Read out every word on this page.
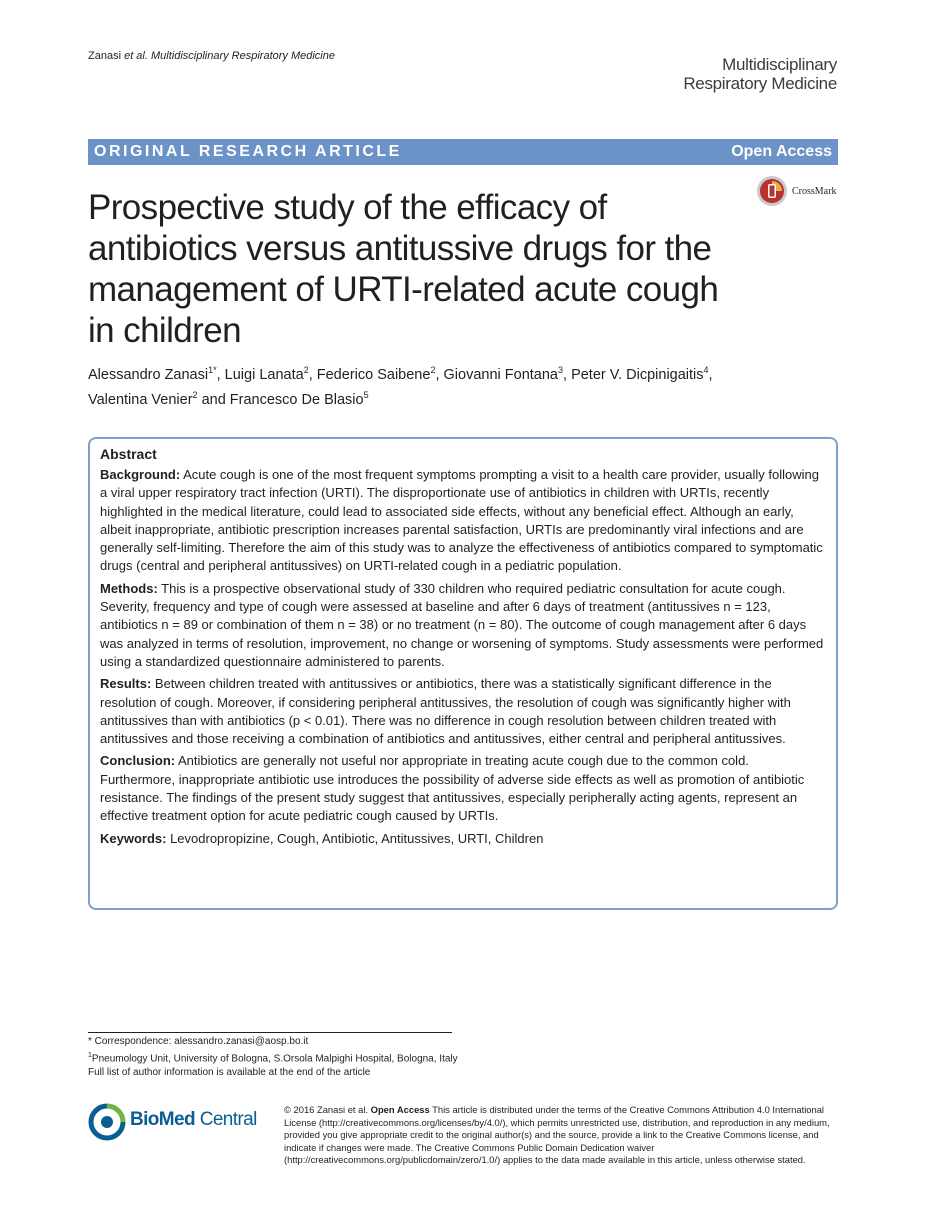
Zanasi et al. Multidisciplinary Respiratory Medicine	Multidisciplinary
Respiratory Medicine
ORIGINAL RESEARCH ARTICLE	Open Access
CrossMark
Prospective study of the efficacy of antibiotics versus antitussive drugs for the management of URTI-related acute cough in children
Alessandro Zanasi$^{1*}$, Luigi Lanata$^2$, Federico Saibene$^2$, Giovanni Fontana$^3$, Peter V. Dicpinigaitis$^4$,
Valentina Venier$^2$ and Francesco De Blasio$^5$

Abstract

Background: Acute cough is one of the most frequent symptoms prompting a visit to a health care provider, usually following a viral upper respiratory tract infection (URTI). The disproportionate use of antibiotics in children with URTIs, recently highlighted in the medical literature, could lead to associated side effects, without any beneficial effect. Although an early, albeit inappropriate, antibiotic prescription increases parental satisfaction, URTIs are predominantly viral infections and are generally self-limiting. Therefore the aim of this study was to analyze the effectiveness of antibiotics compared to symptomatic drugs (central and peripheral antitussives) on URTI-related cough in a pediatric population.

Methods: This is a prospective observational study of 330 children who required pediatric consultation for acute cough. Severity, frequency and type of cough were assessed at baseline and after 6 days of treatment (antitussives n = 123, antibiotics n = 89 or combination of them n = 38) or no treatment (n = 80). The outcome of cough management after 6 days was analyzed in terms of resolution, improvement, no change or worsening of symptoms. Study assessments were performed using a standardized questionnaire administered to parents.

Results: Between children treated with antitussives or antibiotics, there was a statistically significant difference in the resolution of cough. Moreover, if considering peripheral antitussives, the resolution of cough was significantly higher with antitussives than with antibiotics (p < 0.01). There was no difference in cough resolution between children treated with antitussives and those receiving a combination of antibiotics and antitussives, either central and peripheral antitussives.

Conclusion: Antibiotics are generally not useful nor appropriate in treating acute cough due to the common cold. Furthermore, inappropriate antibiotic use introduces the possibility of adverse side effects as well as promotion of antibiotic resistance. The findings of the present study suggest that antitussives, especially peripherally acting agents, represent an effective treatment option for acute pediatric cough caused by URTIs.

Keywords: Levodropropizine, Cough, Antibiotic, Antitussives, URTI, Children

* Correspondence: alessandro.zanasi@aosp.bo.it
$^1$Pneumology Unit, University of Bologna, S.Orsola Malpighi Hospital, Bologna, Italy
Full list of author information is available at the end of the article
BioMed Central	© 2016 Zanasi et al. Open Access This article is distributed under the terms of the Creative Commons Attribution 4.0 International License (http://creativecommons.org/licenses/by/4.0/), which permits unrestricted use, distribution, and reproduction in any medium, provided you give appropriate credit to the original author(s) and the source, provide a link to the Creative Commons license, and indicate if changes were made. The Creative Commons Public Domain Dedication waiver (http://creativecommons.org/publicdomain/zero/1.0/) applies to the data made available in this article, unless otherwise stated.
